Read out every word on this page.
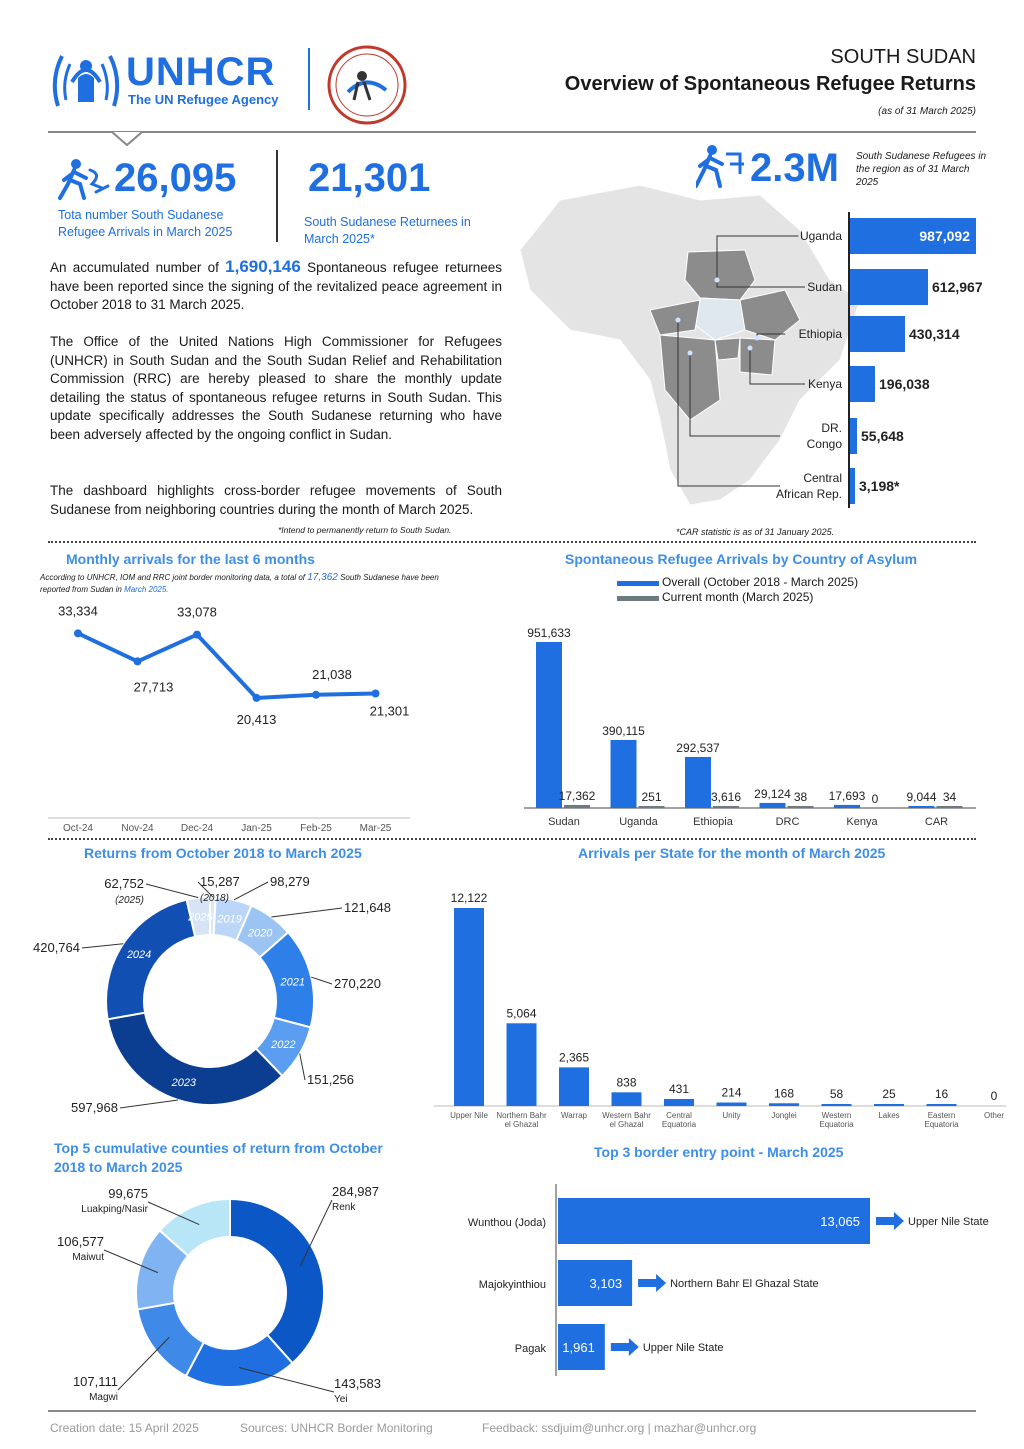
UNHCR
The UN Refugee Agency
SOUTH SUDAN
Overview of Spontaneous Refugee Returns
(as of 31 March 2025)
26,095
Tota number South Sudanese Refugee Arrivals in March 2025
21,301
South Sudanese Returnees in March 2025*
An accumulated number of 1,690,146 Spontaneous refugee returnees have been reported since the signing of the revitalized peace agreement in October 2018 to 31 March 2025.
The Office of the United Nations High Commissioner for Refugees (UNHCR) in South Sudan and the South Sudan Relief and Rehabilitation Commission (RRC) are hereby pleased to share the monthly update detailing the status of spontaneous refugee returns in South Sudan. This update specifically addresses the South Sudanese returning who have been adversely affected by the ongoing conflict in Sudan.
The dashboard highlights cross-border refugee movements of South Sudanese from neighboring countries during the month of March 2025.
*Intend to permanently return to South Sudan.
2.3M South Sudanese Refugees in the region as of 31 March 2025
987,092
Uganda
612,967
Sudan
430,314
Ethiopia
196,038
Kenya
55,648
DR.
Congo
3,198*
Central
African Rep.
*CAR statistic is as of 31 January 2025.
Monthly arrivals for the last 6 months
According to UNHCR, IOM and RRC joint border monitoring data, a total of 17,362 South Sudanese have been reported from Sudan in March 2025.
33,334
Oct-24
27,713
Nov-24
33,078
Dec-24
20,413
Jan-25
21,038
Feb-25
21,301
Mar-25
Spontaneous Refugee Arrivals by Country of Asylum
Overall (October 2018 - March 2025)
Current month (March 2025)
951,633
17,362
Sudan
390,115
251
Uganda
292,537
3,616
Ethiopia
29,124 38
DRC
17,693 0
Kenya
9,044 34
CAR
Returns from October 2018 to March 2025
15,287
(2018)
2019
98,279
2020
121,648
2021 270,220
2022
151,256
2023
597,968
2024
420,764
2025
62,752
(2025)
Arrivals per State for the month of March 2025
12,122
Upper Nile
5,064
Northern Bahr
el Ghazal
2,365
Warrap
838
Western Bahr
el Ghazal
431
Central
Equatoria
214
Unity
168
Jonglei
58
Western
Equatoria
25
Lakes
16
Eastern
Equatoria
0
Other
Top 5 cumulative counties of return from October
2018 to March 2025
284,987
Renk
143,583
Yei
107,111
Magwi
106,577
Maiwut
99,675
Luakping/Nasir
Top 3 border entry point - March 2025
13,065
Wunthou (Joda)	Upper Nile State
3,103
Majokyinthiou	Northern Bahr El Ghazal State
1,961
Pagak	Upper Nile State
Creation date: 15 April 2025	Sources: UNHCR Border Monitoring	Feedback: ssdjuim@unhcr.org | mazhar@unhcr.org
